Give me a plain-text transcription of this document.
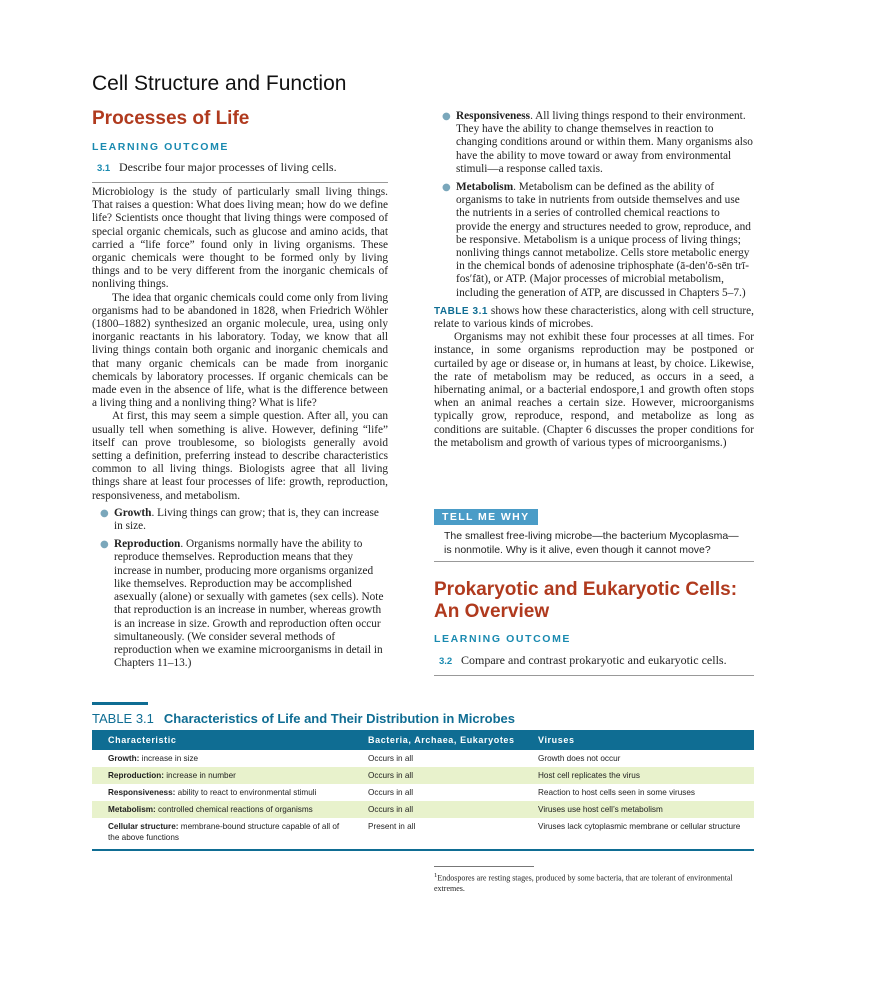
Cell Structure and Function
Processes of Life
LEARNING OUTCOME
3.1 Describe four major processes of living cells.

Microbiology is the study of particularly small living things. That raises a question: What does living mean; how do we define life? Scientists once thought that living things were composed of special organic chemicals, such as glucose and amino acids, that carried a “life force” found only in living organisms. These organic chemicals were thought to be formed only by living things and to be very different from the inorganic chemicals of nonliving things.

The idea that organic chemicals could come only from living organisms had to be abandoned in 1828, when Friedrich Wöhler (1800–1882) synthesized an organic molecule, urea, using only inorganic reactants in his laboratory. Today, we know that all living things contain both organic and inorganic chemicals and that many organic chemicals can be made from inorganic chemicals by laboratory processes. If organic chemicals can be made even in the absence of life, what is the difference between a living thing and a nonliving thing? What is life?

At first, this may seem a simple question. After all, you can usually tell when something is alive. However, defining “life” itself can prove troublesome, so biologists generally avoid setting a definition, preferring instead to describe characteristics common to all living things. Biologists agree that all living things share at least four processes of life: growth, reproduction, responsiveness, and metabolism.

● Growth. Living things can grow; that is, they can increase in size.
● Reproduction. Organisms normally have the ability to reproduce themselves. Reproduction means that they increase in number, producing more organisms organized like themselves. Reproduction may be accomplished asexually (alone) or sexually with gametes (sex cells). Note that reproduction is an increase in number, whereas growth is an increase in size. Growth and reproduction often occur simultaneously. (We consider several methods of reproduction when we examine microorganisms in detail in Chapters 11–13.)
● Responsiveness. All living things respond to their environment. They have the ability to change themselves in reaction to changing conditions around or within them. Many organisms also have the ability to move toward or away from environmental stimuli—a response called taxis.
● Metabolism. Metabolism can be defined as the ability of organisms to take in nutrients from outside themselves and use the nutrients in a series of controlled chemical reactions to provide the energy and structures needed to grow, reproduce, and be responsive. Metabolism is a unique process of living things; nonliving things cannot metabolize. Cells store metabolic energy in the chemical bonds of adenosine triphosphate (ā-den′ō-sēn trī-fos′fāt), or ATP. (Major processes of microbial metabolism, including the generation of ATP, are discussed in Chapters 5–7.)

TABLE 3.1 shows how these characteristics, along with cell structure, relate to various kinds of microbes.

Organisms may not exhibit these four processes at all times. For instance, in some organisms reproduction may be postponed or curtailed by age or disease or, in humans at least, by choice. Likewise, the rate of metabolism may be reduced, as occurs in a seed, a hibernating animal, or a bacterial endospore,1 and growth often stops when an animal reaches a certain size. However, microorganisms typically grow, reproduce, respond, and metabolize as long as conditions are suitable. (Chapter 6 discusses the proper conditions for the metabolism and growth of various types of microorganisms.)

TELL ME WHY
The smallest free-living microbe—the bacterium Mycoplasma—is nonmotile. Why is it alive, even though it cannot move?
Prokaryotic and Eukaryotic Cells: An Overview
LEARNING OUTCOME
3.2 Compare and contrast prokaryotic and eukaryotic cells.
TABLE 3.1 Characteristics of Life and Their Distribution in Microbes
Characteristic	Bacteria, Archaea, Eukaryotes	Viruses
Growth: increase in size	Occurs in all	Growth does not occur
Reproduction: increase in number	Occurs in all	Host cell replicates the virus
Responsiveness: ability to react to environmental stimuli	Occurs in all	Reaction to host cells seen in some viruses
Metabolism: controlled chemical reactions of organisms	Occurs in all	Viruses use host cell’s metabolism
Cellular structure: membrane-bound structure capable of all of the above functions	Present in all	Viruses lack cytoplasmic membrane or cellular structure
$^1$Endospores are resting stages, produced by some bacteria, that are tolerant of environmental extremes.
